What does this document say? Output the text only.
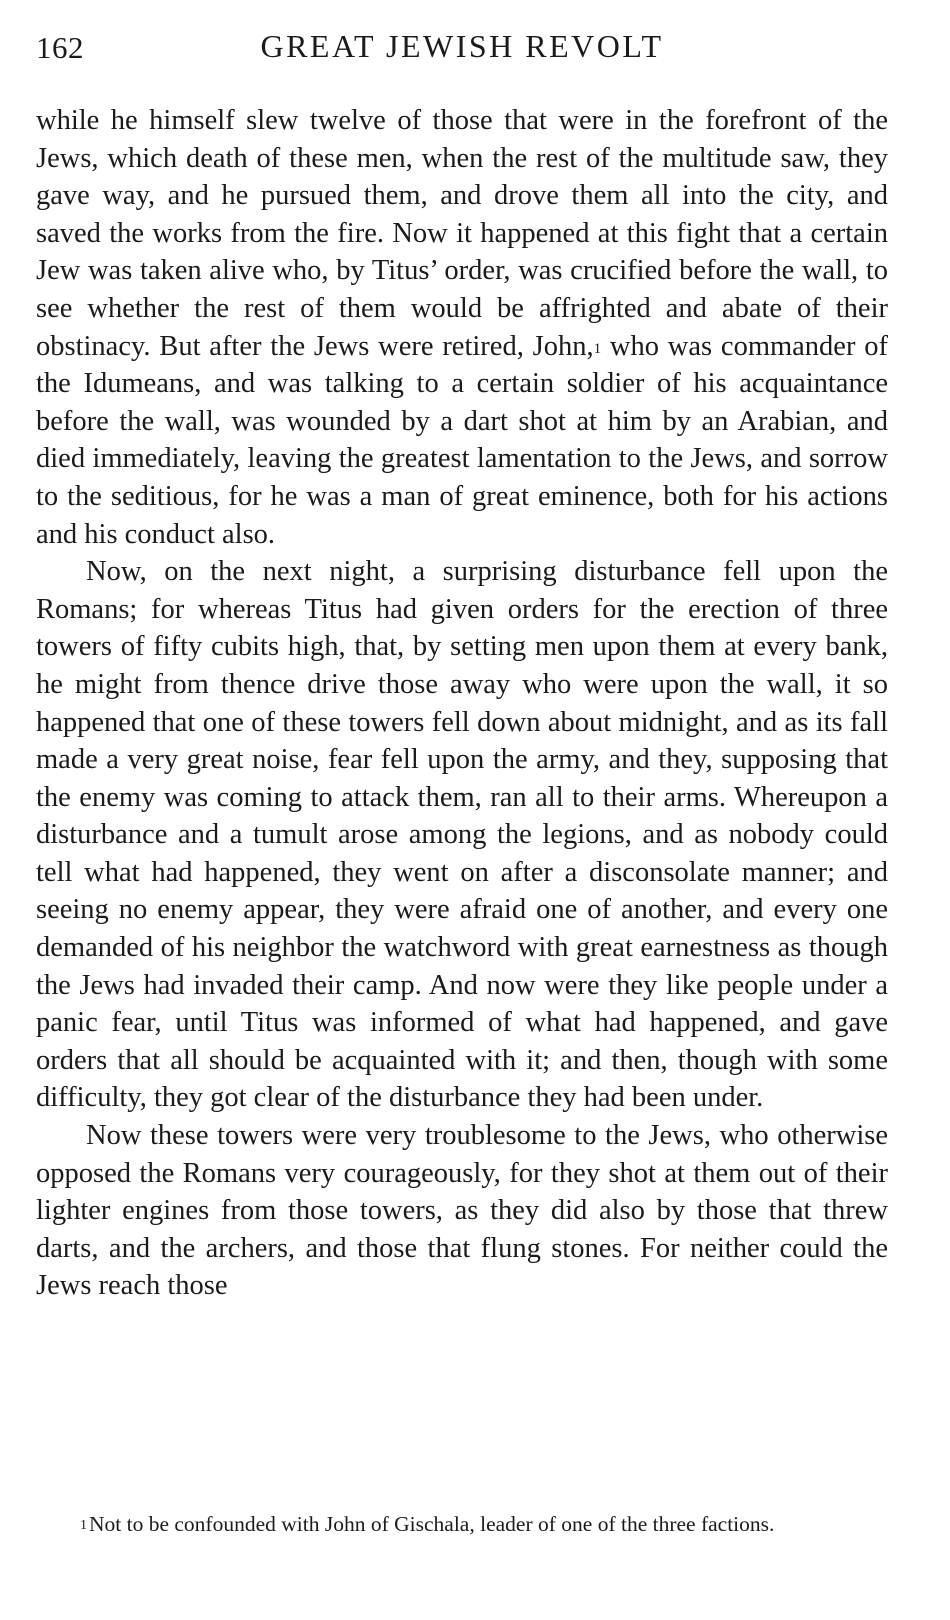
162	GREAT JEWISH REVOLT

while he himself slew twelve of those that were in the forefront of the Jews, which death of these men, when the rest of the multitude saw, they gave way, and he pursued them, and drove them all into the city, and saved the works from the fire. Now it happened at this fight that a certain Jew was taken alive who, by Titus’ order, was crucified before the wall, to see whether the rest of them would be affrighted and abate of their obstinacy. But after the Jews were retired, John,$^1$ who was commander of the Idumeans, and was talking to a certain soldier of his acquaintance before the wall, was wounded by a dart shot at him by an Arabian, and died immediately, leaving the greatest lamentation to the Jews, and sorrow to the seditious, for he was a man of great eminence, both for his actions and his conduct also.

Now, on the next night, a surprising disturbance fell upon the Romans; for whereas Titus had given orders for the erection of three towers of fifty cubits high, that, by setting men upon them at every bank, he might from thence drive those away who were upon the wall, it so happened that one of these towers fell down about midnight, and as its fall made a very great noise, fear fell upon the army, and they, supposing that the enemy was coming to attack them, ran all to their arms. Whereupon a disturbance and a tumult arose among the legions, and as nobody could tell what had happened, they went on after a disconsolate manner; and seeing no enemy appear, they were afraid one of another, and every one demanded of his neighbor the watchword with great earnestness as though the Jews had invaded their camp. And now were they like people under a panic fear, until Titus was informed of what had happened, and gave orders that all should be acquainted with it; and then, though with some difficulty, they got clear of the disturbance they had been under.

Now these towers were very troublesome to the Jews, who otherwise opposed the Romans very courageously, for they shot at them out of their lighter engines from those towers, as they did also by those that threw darts, and the archers, and those that flung stones. For neither could the Jews reach those

$^1$Not to be confounded with John of Gischala, leader of one of the three factions.
